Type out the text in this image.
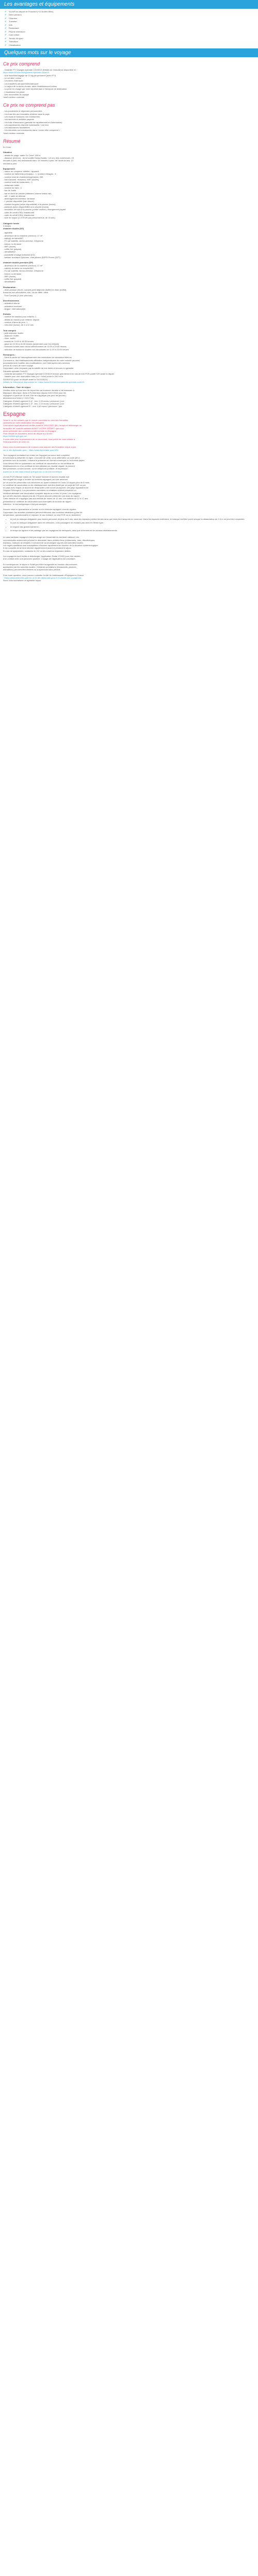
Les avantages et équipements
✔	Vol A/R au départ de Francfort (+13 autres villes)
✔	Demi-pension
✔	Chambre
✔	Transfert
✔	Wifi
✔	Restaurant
✔	Piscine extérieure
✔	Club enfant
✔	Terrain de sport
✔	Télévision
✔	Climatisation
Quelques mots sur le voyage
Ce prix comprend

- Garantie FTI Voyages spéciale COVID19 (Détails de l'assurance disponible ici :

https://www.fti.fr/service/garantie-speciale-covid19

- Une franchise bagage de 13 kg par personne (avec FTI)

- Le vol aller / retour

- Les taxes d'aéroport

- Les transferts aéroport/hôtel/aéroport

- Le séjour de la durée choisie, dans l'établissement retenu

- La prise en charge par notre représentant à l'aéroport de destination

- L'assistance sur place

- Des documents de voyage

*sauf mention contraire

Ce prix ne comprend pas

- Les pourboires et dépenses personnelles

- Les frais liés aux formalités d'entrée dans le pays

- Les repas et boissons non mentionnés

- Les services et activités payants

- Les frais d'assurance (garantie de rapatriement et d'annulation)

- Les suppléments chambre individuelle / vue mer

- Les assurances facultatives

- Les éléments non mentionnés dans « notre offre comprend »

*sauf mention contraire

Résumé

Ec Cene

Situation

- détails de plage: sable 'Ec Cene' 150 m

- distance (environ) : de la localité Santa Eulalia : 4,5 km, des commerces: 15

minutes à pied, des restaurants bars: 15 minutes à pied, de l'arrêt de bus: 10

minutes à pied

Equipement

- nature du complexe hôtelier : appareil

- nombre de bâtiments principaux : 1, nombre d'étages : 3

- nombre total de chambres/logements: 255

- hall d'accueil, réception, WIFI (Accès)

- nombre total de restaurants : 1

- restaurant buffet

- nombre de bars : 2

- bar de l'hôtel

- bar en bord de piscine (attitudes comme snack bar)

- wifi : 1 salle de détente

- amenagement extérieur: terrasse

- 1 piscine disponible (eau douce)

- chaises longues (selon disponibilité) à la piscine (inclus)

- parasols (selon disponibilité) à la piscine (inclus)

- serviettes de bain à la piscine (contre caution), changement payant

- carte de crédit VISA, Mastercard

- carte de crédit VISA, Mastercard

- taxe de séjour (2,20 EUR par personne/nuit, de 16 ans)

Catégorie locale

3 étoiles

chambre double (DZ)

- agréable

- dimension de la chambre (environ): 27 m²

- salle(s) de bains/WC

- TV par satellite, sèche-cheveux, téléphone

- balcon ou terrasse

- WiFi (inclus)

- coffre-fort (payant)

- climatisation

- possibilité d'usage individuel (EZ)

- welfare Isuchtard Optionen, côté piscine (DZP5 Promo (DZT)

chambre double premium (DP)

- dimension de la chambre (environ): 27 m²

- salle(s) de bains ou douche/WC

- TV par satellite, sèche-cheveux, téléphone

- balcon ou terrasse

- WiFi (inclus)

- coffre-fort (payant)

- climatisation

Restauration :

- demi-pension (Nu 8), compris petit déjeuner (buffet) et dîner (buffet),

boissons non-alcoolisées, eau, vin de table, bière

- Tout Compris (5 (voir plus bas)

Divertissements

- animation diurne

- animation nocturne

- langue: international(e)

Enfants

- nombre de bassins pour enfants: 1

- détails du bassin pour enfants: séparé

- nombre d'aires de jeux: 1

- mini-club (inclus), de 4 à 12 ans

Tout compris

- petit déjeuner: buffet

- déjeuner: buffet

- dîner: buffet

- snacks de 10:00 à 18:30 heures

- glace de 10:30 à 18:30 heures (seulement pour les enfants)

- boissons locales sans alcool sélectionnées de 11:00 à 23:00 heures

- sélection de boissons locales non-alcoolisées de 11:00 à 23:00 heures

Remarques :

- Dans le cadre de l'assouplissement des restrictions de circulation liées au

Coronavirus, des établissements officielles indépendantes de notre volonté peuvent

ponctuellement modifier des modifications, voir l'interruption des services

prévus au cours de votre voyage.

Cependant, cela n'impacte pas la validité de vos droits et recours en garantie.

Garantie spéciale Covid19

- Garantie annulation FTI Voyages spéciale COVID19 incluse gratuitement en cas de test PCR positif 72H avant le départ.

- Valable pour une réservation faite (vol + hôtel) entre le 29/3 et le

31/05/2022 (pour un départ avant le 31/10/2022).

Détails de l'assurance disponibles ici : https://www.fti.fr/service/garantie-speciale-covid19

Information - Taxe de séjour

Veuillez noter qu'une taxe de séjour liée au tourisme durable a été instaurée à

Majorque, Minorque, Ibiza et Formentera depuis 01/07/2016 pour les

voyageurs à partir de 16 ans. Elle ne s'applique pas pour les jeunes (

directement à l'hôtel (+ 10% TVA).

Catégorie d'hôtel/Logement 3-4* : env. 2,20 euros / personne / jour

Catégorie d'hôtel/Logement 1-2* : env. 1,10 euros / personne / jour

Catégorie d'hôtel/Logement 5* : env. 4,40 euros / personne / jour

Espagne

Selon le ou les variants que le monde concrétise au sein des formalités

sanitaires sur votre destination est changées.

Vous devez impérativement vérifier avant le 20/01/2022 (8h), remplir et télécharger un

formulaire de contrôle sanitaire AVANT VOTRE DÉPART que vous

devez présenter aux contrôles à votre arrivée en Espagne.

Pour remplir ce document, merci de cliquer sur ce lien :

https://WWW.spth.gob.es/

A vous cible pour la possession de ce document, sous peine de vous refuser à

l'embarquement de votre vol.

Nous vous recommandons de toujours vous assurer des formalités requis à jour

sur le site diplomatie.gouv : https://www.diplomatie.gouv.fr/fr/

Tout voyageur souhaitant se rendre en Espagne par avion doit compléter

le formulaire à présenter en ligne. A la suite de cette, vous obtiendrez un code QR à

présenter lors du contrôle, il faudra le présenter en format numérique ou en format papier,

Vous devrez être en possession du certificat de vaccination ou du certificat de

rétablissement ou d'un certificat de test attestant un résultat négatif. Ils doivent

être présentés, à votre arrivée, sur le téléphone portable, et impression

papier sur le site https://travel.spth.gob.es/ ou du test numérique.

Un test PCR effectué moins de 72h avant l'arrivée et dont le résultat doit

être négatif est exigé à l'entrée du territoire espagnol par voie aérienne

(et ce pour les personnes non vaccinées ou ayant contracté le Covid-19 depuis plus de 6 mois.

Le certificat de vaccination ou de rétablissement doit être établi par un pays de l'UE ou par

un pays avec lequel un accord de réciprocité a été conclu (européen, des pays signataires de

l'espace Schengen). Les personnes vaccinées ou rétablies doivent présenter un

certificat attestant une vaccination complète depuis au moins 14 jours. Les voyageurs

qui ont été vaccinés depuis plus de 270 jours devront présenter une dose de rappel.

Cette mesure ne s'applique pas aux enfants de moins de 12 ans. Les enfants de 12 à 17 ans

présentant un certificat de vaccination sont exemptés de la dose de rappel.

Attention : le test antigénique n'est pas accepté.

Aucune mise en quarantaine à l'entrée sur le territoire espagnol n'est en vigueur.

Cependant, les autorités sanitaires peuvent effectuer des contrôles aléatoires (prise de

température, questionnaire) et imposer, le cas échéant, un test PCR ou un isolement.

• le port du masque obligatoire pour toutes personne de plus de 6 ans, dans les espaces publics fermés ainsi que dans les transports en commun. Dans les espaces extérieurs, le masque doit être porté lorsque la distanciation de 1,5 m ne peut être respectée.
• le port du masque obligatoire dans les véhicules, à les passagers ne résidant pas dans le même foyer ;
• le respect des gestes barrières ;
• le temps de rigueur et de passage par les voyageurs de transports, ainsi que la fermeture de certains établissements.

Le pass sanitaire espagnol n'est pas exigé sur l'ensemble du territoire national. Les

communautés autonomes peuvent le demander dans certains lieux (restaurants, bars, discothèques,

hôpitaux, maisons de retraite). Il convient de se renseigner auprès des autorités locales.

Les règles sanitaires sont susceptibles d'évoluer rapidement en fonction de la situation épidémiologique.

Il est conseillé de se tenir informé régulièrement avant et pendant le séjour.

En cas de symptômes, contactez le 112 ou les numéros régionaux dédiés.

Les voyageurs sont invités à télécharger l'application Radar COVID pour être alertés

d'un contact avec une personne positive. L'usage de l'application est volontaire.

En conséquence, le séjour à l'hôtel peut être réorganisé en fonction des mesures

appliquées par les autorités locales. Certaines prestations (restaurants, piscines,

animations) peuvent être limitées ou suspendues sans préavis.

Pour toute question, vous pouvez consulter le site de l'ambassade d'Espagne en France

: https://www.exteriores.gob.es/ ou le site diplomatie.gouv.fr (Conseils aux voyageurs).

Nous vous souhaitons un agréable séjour.
